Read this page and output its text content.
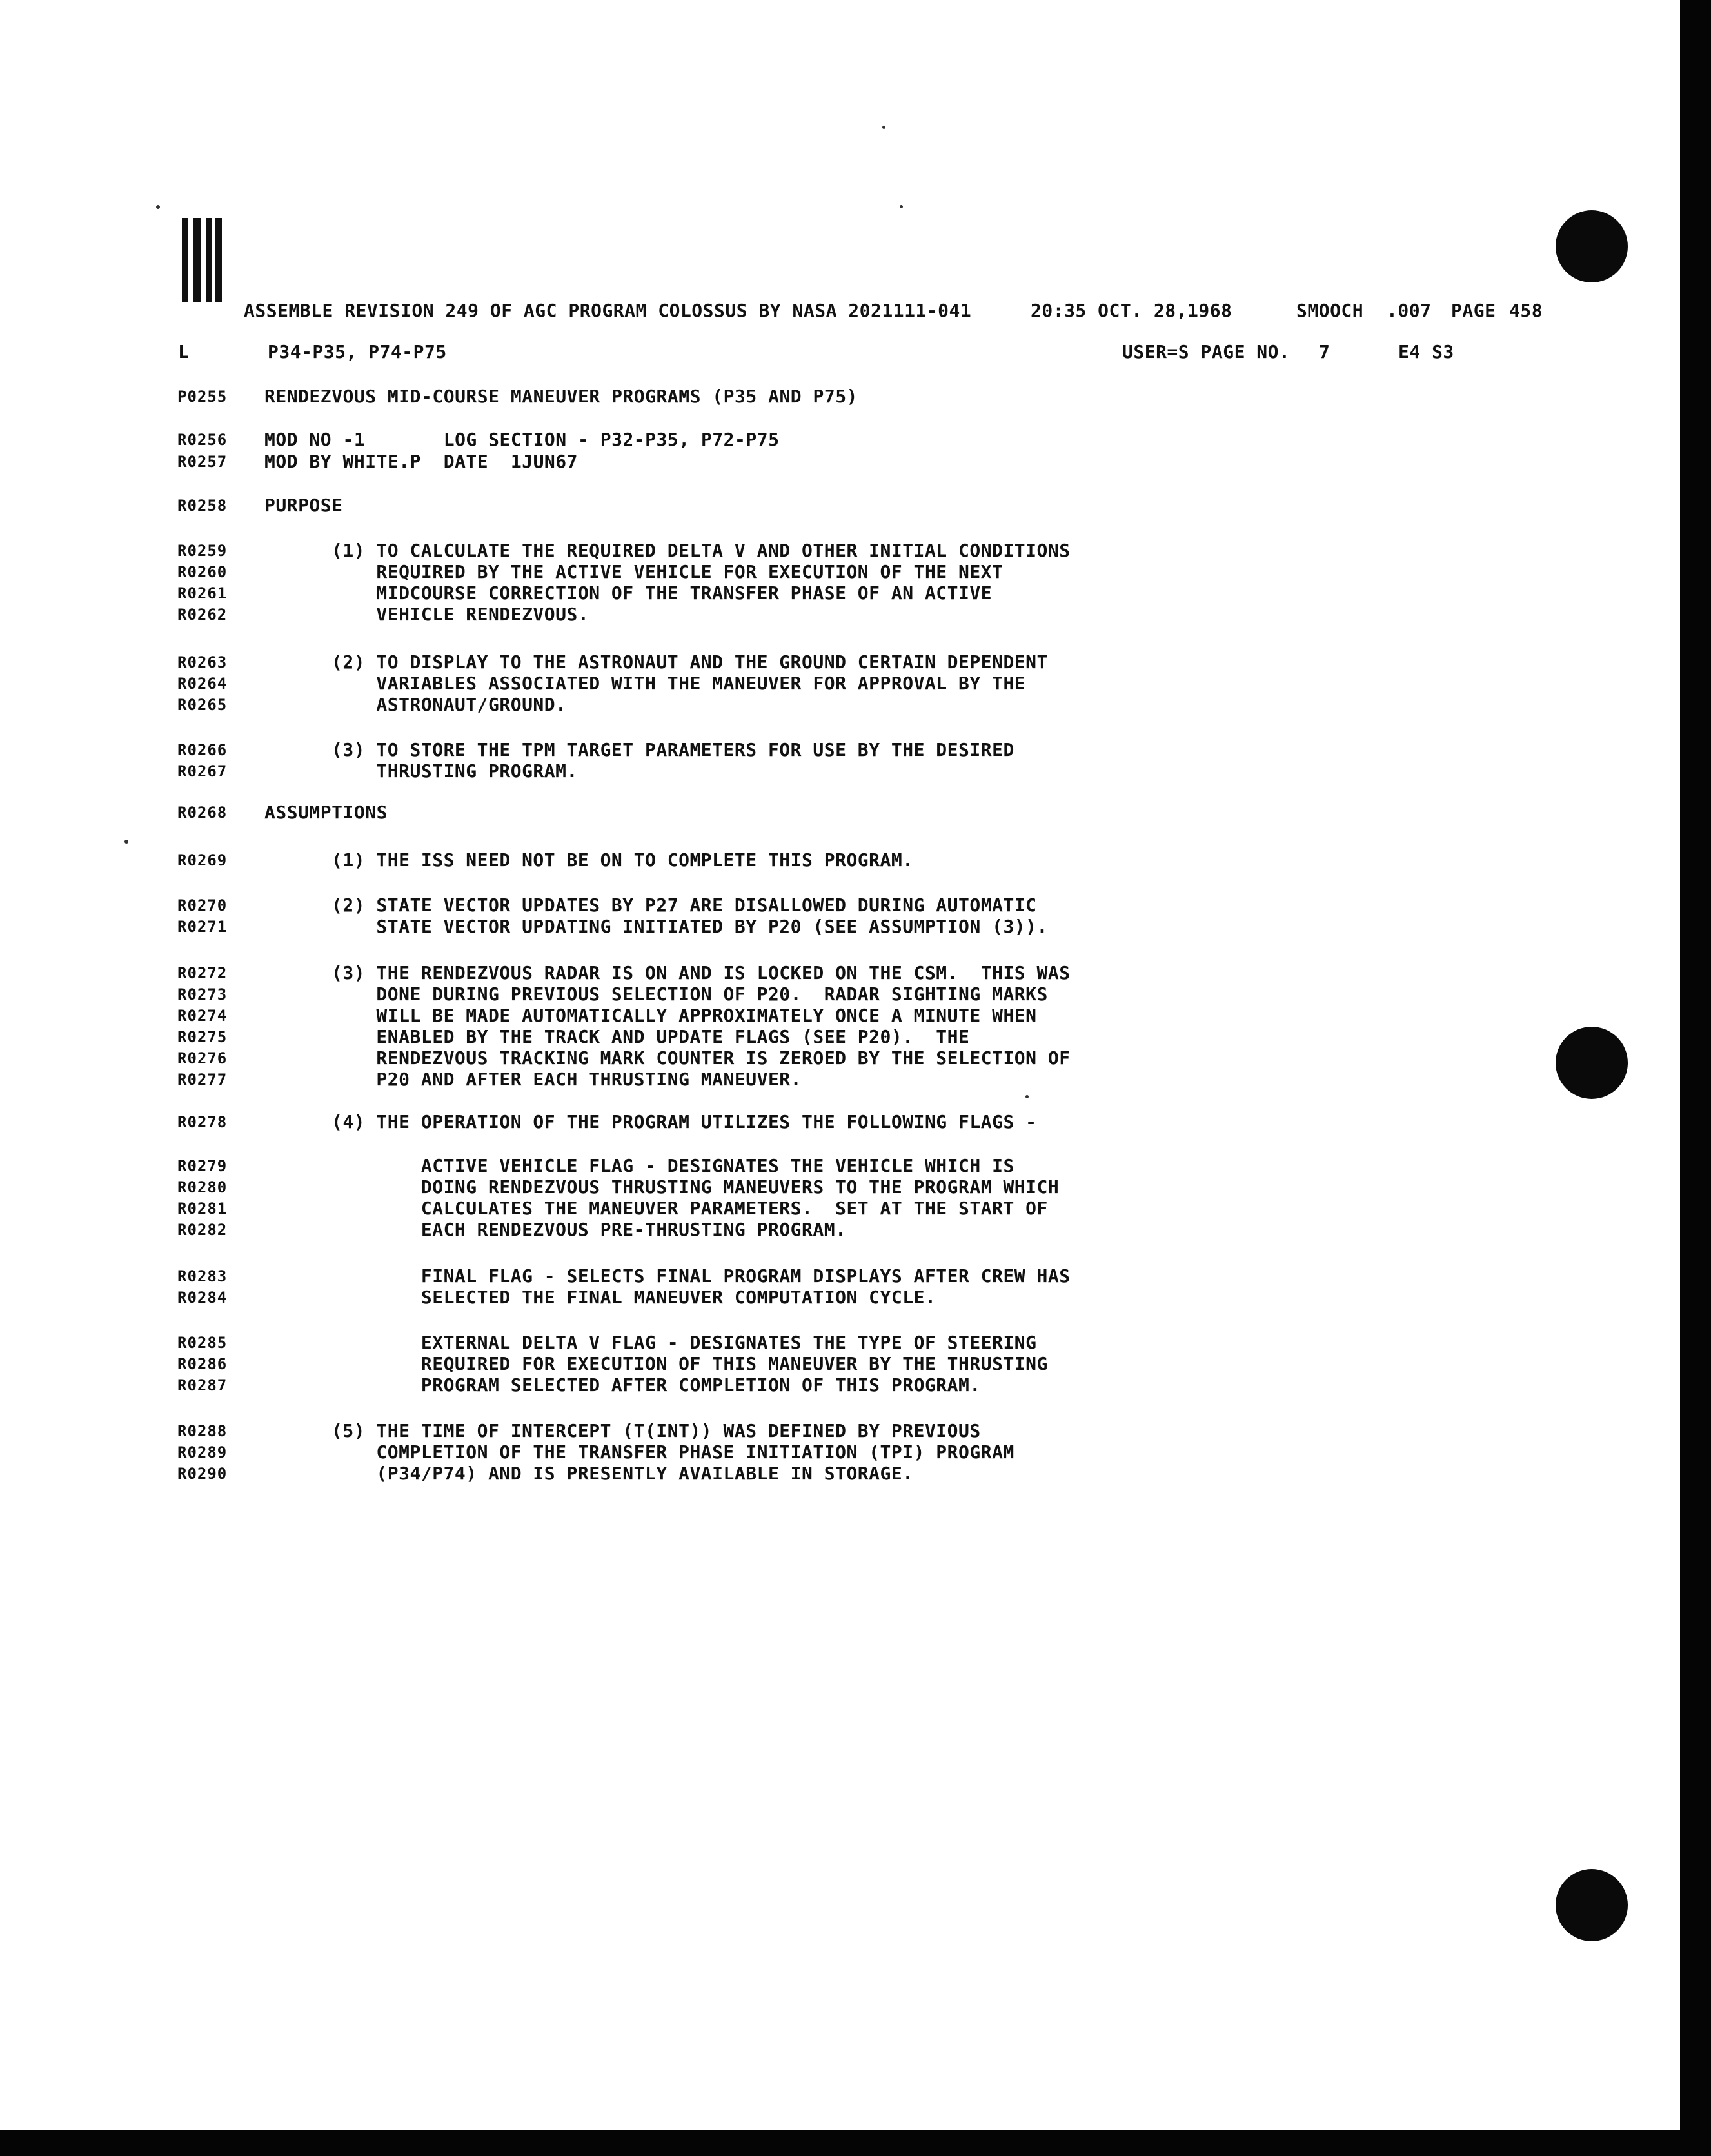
ASSEMBLE REVISION 249 OF AGC PROGRAM COLOSSUS BY NASA 2021111-041	20:35 OCT. 28,1968	SMOOCH .007 PAGE 458
L	P34-P35, P74-P75	USER=S PAGE NO. 7	E4 S3
P0255 RENDEZVOUS MID-COURSE MANEUVER PROGRAMS (P35 AND P75)
R0256 MOD NO -1       LOG SECTION - P32-P35, P72-P75
R0257 MOD BY WHITE.P  DATE  1JUN67
R0258 PURPOSE
R0259	(1) TO CALCULATE THE REQUIRED DELTA V AND OTHER INITIAL CONDITIONS
R0260	REQUIRED BY THE ACTIVE VEHICLE FOR EXECUTION OF THE NEXT
R0261	MIDCOURSE CORRECTION OF THE TRANSFER PHASE OF AN ACTIVE
R0262	VEHICLE RENDEZVOUS.
R0263	(2) TO DISPLAY TO THE ASTRONAUT AND THE GROUND CERTAIN DEPENDENT
R0264	VARIABLES ASSOCIATED WITH THE MANEUVER FOR APPROVAL BY THE
R0265	ASTRONAUT/GROUND.
R0266	(3) TO STORE THE TPM TARGET PARAMETERS FOR USE BY THE DESIRED
R0267	THRUSTING PROGRAM.
R0268 ASSUMPTIONS
R0269	(1) THE ISS NEED NOT BE ON TO COMPLETE THIS PROGRAM.
R0270	(2) STATE VECTOR UPDATES BY P27 ARE DISALLOWED DURING AUTOMATIC
R0271	STATE VECTOR UPDATING INITIATED BY P20 (SEE ASSUMPTION (3)).
R0272	(3) THE RENDEZVOUS RADAR IS ON AND IS LOCKED ON THE CSM.  THIS WAS
R0273	DONE DURING PREVIOUS SELECTION OF P20.  RADAR SIGHTING MARKS
R0274	WILL BE MADE AUTOMATICALLY APPROXIMATELY ONCE A MINUTE WHEN
R0275	ENABLED BY THE TRACK AND UPDATE FLAGS (SEE P20).  THE
R0276	RENDEZVOUS TRACKING MARK COUNTER IS ZEROED BY THE SELECTION OF
R0277	P20 AND AFTER EACH THRUSTING MANEUVER.
R0278	(4) THE OPERATION OF THE PROGRAM UTILIZES THE FOLLOWING FLAGS -
R0279	ACTIVE VEHICLE FLAG - DESIGNATES THE VEHICLE WHICH IS
R0280	DOING RENDEZVOUS THRUSTING MANEUVERS TO THE PROGRAM WHICH
R0281	CALCULATES THE MANEUVER PARAMETERS.  SET AT THE START OF
R0282	EACH RENDEZVOUS PRE-THRUSTING PROGRAM.
R0283	FINAL FLAG - SELECTS FINAL PROGRAM DISPLAYS AFTER CREW HAS
R0284	SELECTED THE FINAL MANEUVER COMPUTATION CYCLE.
R0285	EXTERNAL DELTA V FLAG - DESIGNATES THE TYPE OF STEERING
R0286	REQUIRED FOR EXECUTION OF THIS MANEUVER BY THE THRUSTING
R0287	PROGRAM SELECTED AFTER COMPLETION OF THIS PROGRAM.
R0288	(5) THE TIME OF INTERCEPT (T(INT)) WAS DEFINED BY PREVIOUS
R0289	COMPLETION OF THE TRANSFER PHASE INITIATION (TPI) PROGRAM
R0290	(P34/P74) AND IS PRESENTLY AVAILABLE IN STORAGE.
